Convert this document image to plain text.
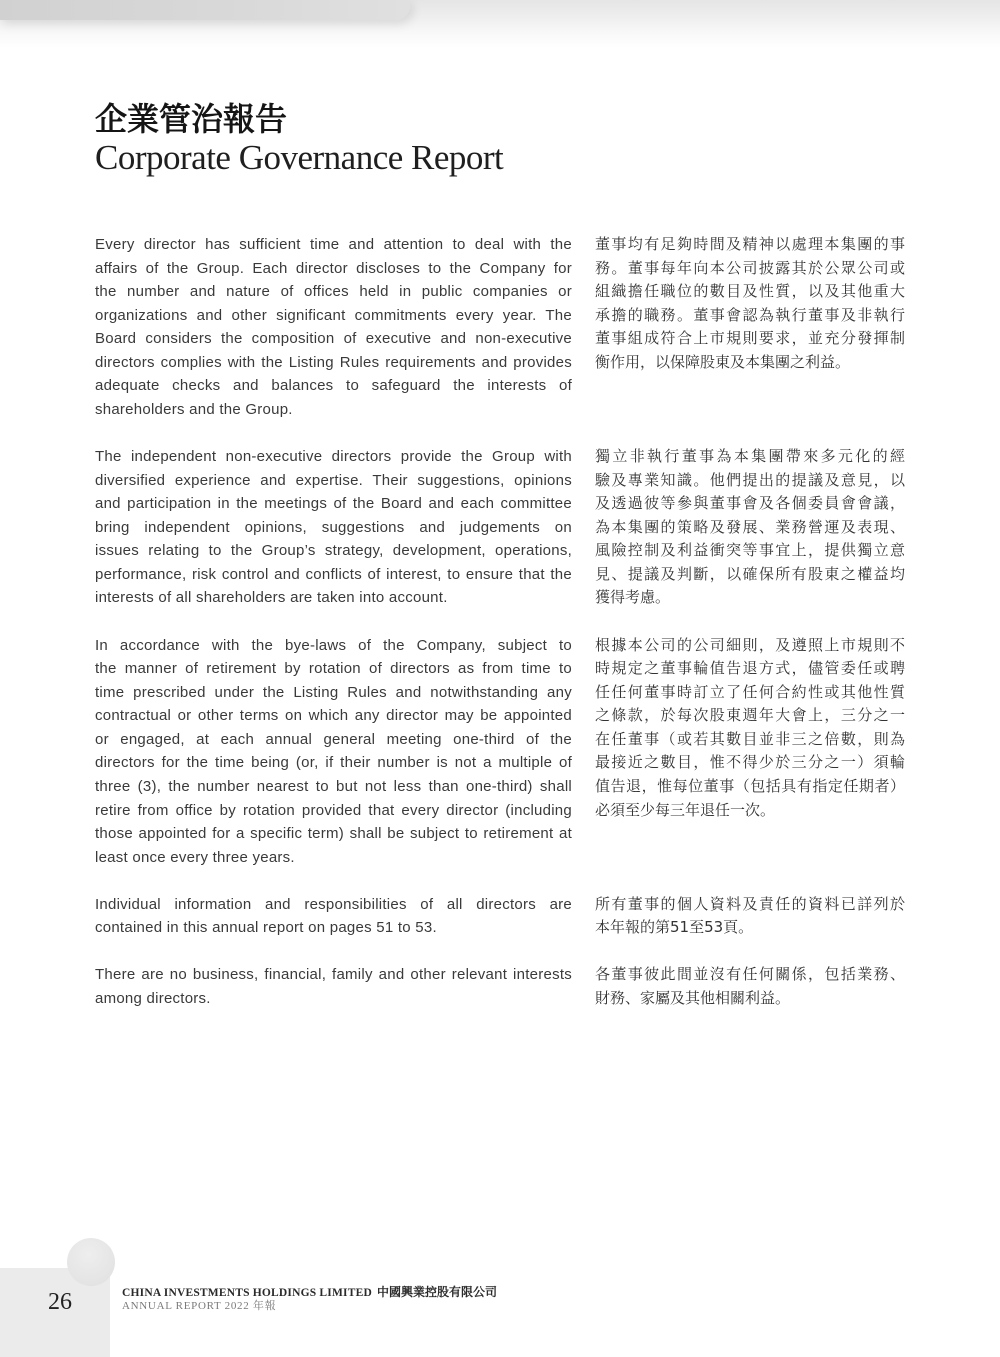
企業管治報告
Corporate Governance Report
Every director has sufficient time and attention to deal with the
affairs of the Group. Each director discloses to the Company for
the number and nature of offices held in public companies or
organizations and other significant commitments every year. The
Board considers the composition of executive and non-executive
directors complies with the Listing Rules requirements and provides
adequate checks and balances to safeguard the interests of
shareholders and the Group.
董事均有足夠時間及精神以處理本集團的事
務。董事每年向本公司披露其於公眾公司或
組織擔任職位的數目及性質，以及其他重大
承擔的職務。董事會認為執行董事及非執行
董事組成符合上市規則要求，並充分發揮制
衡作用，以保障股東及本集團之利益。
The independent non-executive directors provide the Group with
diversified experience and expertise. Their suggestions, opinions
and participation in the meetings of the Board and each committee
bring independent opinions, suggestions and judgements on
issues relating to the Group’s strategy, development, operations,
performance, risk control and conflicts of interest, to ensure that the
interests of all shareholders are taken into account.
獨立非執行董事為本集團帶來多元化的經
驗及專業知識。他們提出的提議及意見，以
及透過彼等參與董事會及各個委員會會議，
為本集團的策略及發展、業務營運及表現、
風險控制及利益衝突等事宜上，提供獨立意
見、提議及判斷，以確保所有股東之權益均
獲得考慮。
In accordance with the bye-laws of the Company, subject to
the manner of retirement by rotation of directors as from time to
time prescribed under the Listing Rules and notwithstanding any
contractual or other terms on which any director may be appointed
or engaged, at each annual general meeting one-third of the
directors for the time being (or, if their number is not a multiple of
three (3), the number nearest to but not less than one-third) shall
retire from office by rotation provided that every director (including
those appointed for a specific term) shall be subject to retirement at
least once every three years.
根據本公司的公司細則，及遵照上市規則不
時規定之董事輪值告退方式，儘管委任或聘
任任何董事時訂立了任何合約性或其他性質
之條款，於每次股東週年大會上，三分之一
在任董事（或若其數目並非三之倍數，則為
最接近之數目，惟不得少於三分之一）須輪
值告退，惟每位董事（包括具有指定任期者）
必須至少每三年退任一次。
Individual information and responsibilities of all directors are
contained in this annual report on pages 51 to 53.
所有董事的個人資料及責任的資料已詳列於
本年報的第51至53頁。
There are no business, financial, family and other relevant interests
among directors.
各董事彼此間並沒有任何關係，包括業務、
財務、家屬及其他相關利益。
26	CHINA INVESTMENTS HOLDINGS LIMITED 中國興業控股有限公司
ANNUAL REPORT 2022 年報
